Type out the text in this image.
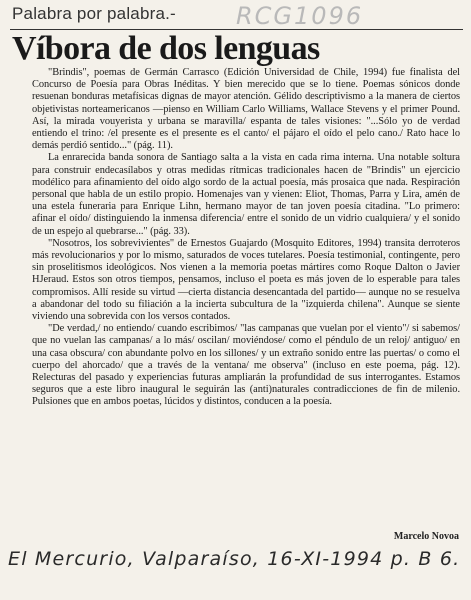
Palabra por palabra.-	RCG1096
Víbora de dos lenguas

"Brindis", poemas de Germán Carrasco (Edición Universidad de Chile, 1994) fue finalista del Concurso de Poesía para Obras Inéditas. Y bien merecido que se lo tiene. Poemas sónicos donde resuenan bonduras metafísicas dignas de mayor atención. Gélido descriptivismo a la manera de ciertos objetivistas norteamericanos —pienso en William Carlo Williams, Wallace Stevens y el primer Pound. Así, la mirada vouyerista y urbana se maravilla/ espanta de tales visiones: "...Sólo yo de verdad entiendo el trino: /el presente es el presente es el canto/ el pájaro el oído el pelo cano./ Rato hace lo demás perdió sentido..." (pág. 11).

La enrarecida banda sonora de Santiago salta a la vista en cada rima interna. Una notable soltura para construir endecasílabos y otras medidas rítmicas tradicionales hacen de "Brindis" un ejercicio modélico para afinamiento del oído algo sordo de la actual poesía, más prosaica que nada. Respiración personal que habla de un estilo propio. Homenajes van y vienen: Eliot, Thomas, Parra y Lira, amén de una estela funeraria para Enrique Lihn, hermano mayor de tan joven poesía citadina. "Lo primero: afinar el oído/ distinguiendo la inmensa diferencia/ entre el sonido de un vidrio cualquiera/ y el sonido de un espejo al quebrarse..." (pág. 33).

"Nosotros, los sobrevivientes" de Ernestos Guajardo (Mosquito Editores, 1994) transita derroteros más revolucionarios y por lo mismo, saturados de voces tutelares. Poesía testimonial, contingente, pero sin proselitismos ideológicos. Nos vienen a la memoria poetas mártires como Roque Dalton o Javier HJeraud. Estos son otros tiempos, pensamos, incluso el poeta es más joven de lo esperable para tales compromisos. Allí reside su virtud —cierta distancia desencantada del partido— aunque no se resuelva a abandonar del todo su filiación a la incierta subcultura de la "izquierda chilena". Aunque se siente viviendo una sobrevida con los versos contados.

"De verdad,/ no entiendo/ cuando escribimos/ "las campanas que vuelan por el viento"/ si sabemos/ que no vuelan las campanas/ a lo más/ oscilan/ moviéndose/ como el péndulo de un reloj/ antiguo/ en una casa obscura/ con abundante polvo en los sillones/ y un extraño sonido entre las puertas/ o como el cuerpo del ahorcado/ que a través de la ventana/ me observa" (incluso en este poema, pág. 12). Relecturas del pasado y experiencias futuras ampliarán la profundidad de sus interrogantes. Estamos seguros que a este libro inaugural le seguirán las (anti)naturales contradicciones de fin de milenio. Pulsiones que en ambos poetas, lúcidos y distintos, conducen a la poesía.

Marcelo Novoa
El Mercurio, Valparaíso, 16-XI-1994 p. B 6.
